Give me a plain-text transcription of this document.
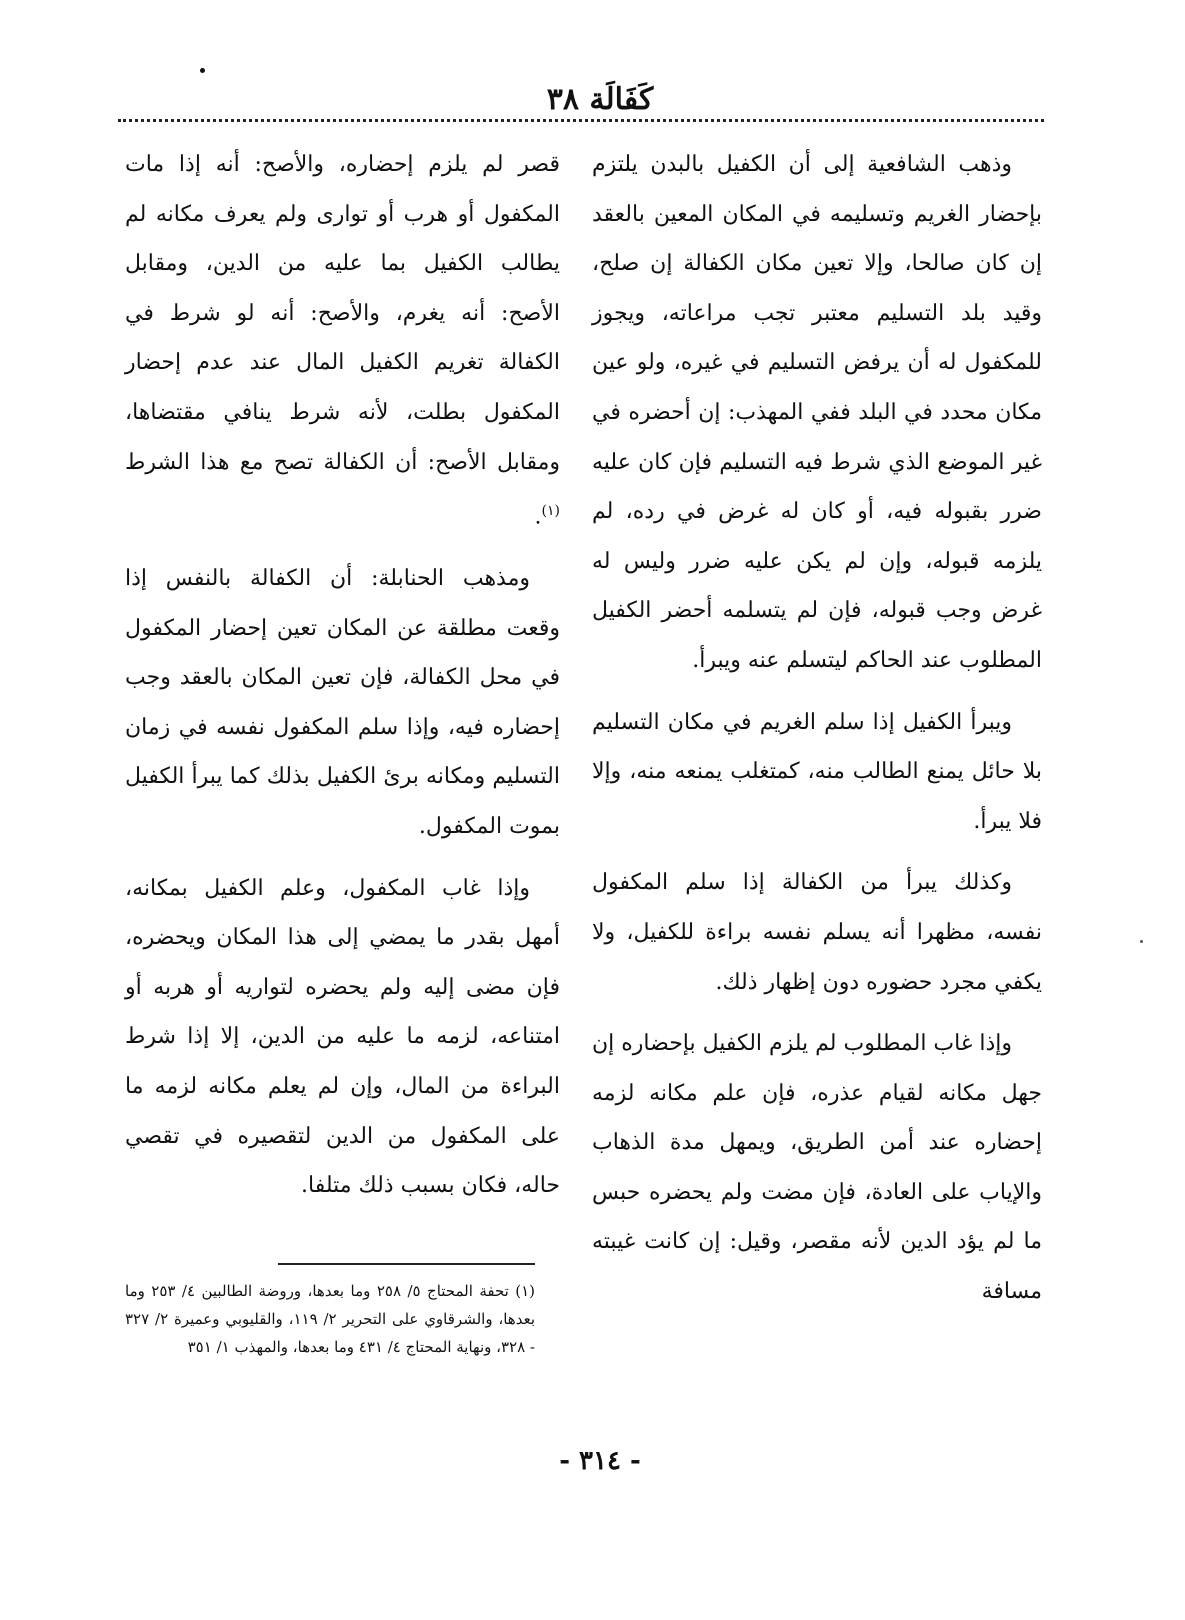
كَفَالَة ٣٨

وذهب الشافعية إلى أن الكفيل بالبدن يلتزم بإحضار الغريم وتسليمه في المكان المعين بالعقد إن كان صالحا، وإلا تعين مكان الكفالة إن صلح، وقيد بلد التسليم معتبر تجب مراعاته، ويجوز للمكفول له أن يرفض التسليم في غيره، ولو عين مكان محدد في البلد ففي المهذب: إن أحضره في غير الموضع الذي شرط فيه التسليم فإن كان عليه ضرر بقبوله فيه، أو كان له غرض في رده، لم يلزمه قبوله، وإن لم يكن عليه ضرر وليس له غرض وجب قبوله، فإن لم يتسلمه أحضر الكفيل المطلوب عند الحاكم ليتسلم عنه ويبرأ.

ويبرأ الكفيل إذا سلم الغريم في مكان التسليم بلا حائل يمنع الطالب منه، كمتغلب يمنعه منه، وإلا فلا يبرأ.

وكذلك يبرأ من الكفالة إذا سلم المكفول نفسه، مظهرا أنه يسلم نفسه براءة للكفيل، ولا يكفي مجرد حضوره دون إظهار ذلك.

وإذا غاب المطلوب لم يلزم الكفيل بإحضاره إن جهل مكانه لقيام عذره، فإن علم مكانه لزمه إحضاره عند أمن الطريق، ويمهل مدة الذهاب والإياب على العادة، فإن مضت ولم يحضره حبس ما لم يؤد الدين لأنه مقصر، وقيل: إن كانت غيبته مسافة

قصر لم يلزم إحضاره، والأصح: أنه إذا مات المكفول أو هرب أو توارى ولم يعرف مكانه لم يطالب الكفيل بما عليه من الدين، ومقابل الأصح: أنه يغرم، والأصح: أنه لو شرط في الكفالة تغريم الكفيل المال عند عدم إحضار المكفول بطلت، لأنه شرط ينافي مقتضاها، ومقابل الأصح: أن الكفالة تصح مع هذا الشرط $^{(١)}$.

ومذهب الحنابلة: أن الكفالة بالنفس إذا وقعت مطلقة عن المكان تعين إحضار المكفول في محل الكفالة، فإن تعين المكان بالعقد وجب إحضاره فيه، وإذا سلم المكفول نفسه في زمان التسليم ومكانه برئ الكفيل بذلك كما يبرأ الكفيل بموت المكفول.

وإذا غاب المكفول، وعلم الكفيل بمكانه، أمهل بقدر ما يمضي إلى هذا المكان ويحضره، فإن مضى إليه ولم يحضره لتواريه أو هربه أو امتناعه، لزمه ما عليه من الدين، إلا إذا شرط البراءة من المال، وإن لم يعلم مكانه لزمه ما على المكفول من الدين لتقصيره في تقصي حاله، فكان بسبب ذلك متلفا.

(١) تحفة المحتاج ٥/ ٢٥٨ وما بعدها، وروضة الطالبين ٤/ ٢٥٣ وما بعدها، والشرقاوي على التحرير ٢/ ١١٩، والقليوبي وعميرة ٢/ ٣٢٧ - ٣٢٨، ونهاية المحتاج ٤/ ٤٣١ وما بعدها، والمهذب ١/ ٣٥١

- ٣١٤ -
